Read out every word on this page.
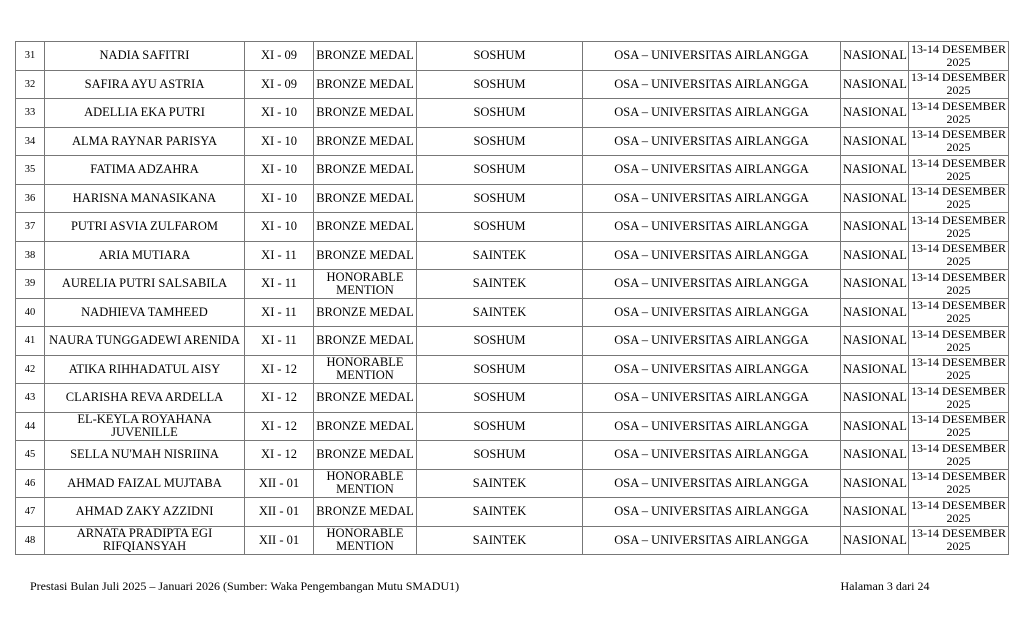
31	NADIA SAFITRI	XI - 09	BRONZE MEDAL	SOSHUM	OSA – UNIVERSITAS AIRLANGGA	NASIONAL	13-14 DESEMBER 2025
32	SAFIRA AYU ASTRIA	XI - 09	BRONZE MEDAL	SOSHUM	OSA – UNIVERSITAS AIRLANGGA	NASIONAL	13-14 DESEMBER 2025
33	ADELLIA EKA PUTRI	XI - 10	BRONZE MEDAL	SOSHUM	OSA – UNIVERSITAS AIRLANGGA	NASIONAL	13-14 DESEMBER 2025
34	ALMA RAYNAR PARISYA	XI - 10	BRONZE MEDAL	SOSHUM	OSA – UNIVERSITAS AIRLANGGA	NASIONAL	13-14 DESEMBER 2025
35	FATIMA ADZAHRA	XI - 10	BRONZE MEDAL	SOSHUM	OSA – UNIVERSITAS AIRLANGGA	NASIONAL	13-14 DESEMBER 2025
36	HARISNA MANASIKANA	XI - 10	BRONZE MEDAL	SOSHUM	OSA – UNIVERSITAS AIRLANGGA	NASIONAL	13-14 DESEMBER 2025
37	PUTRI ASVIA ZULFAROM	XI - 10	BRONZE MEDAL	SOSHUM	OSA – UNIVERSITAS AIRLANGGA	NASIONAL	13-14 DESEMBER 2025
38	ARIA MUTIARA	XI - 11	BRONZE MEDAL	SAINTEK	OSA – UNIVERSITAS AIRLANGGA	NASIONAL	13-14 DESEMBER 2025
39	AURELIA PUTRI SALSABILA	XI - 11	HONORABLE MENTION	SAINTEK	OSA – UNIVERSITAS AIRLANGGA	NASIONAL	13-14 DESEMBER 2025
40	NADHIEVA TAMHEED	XI - 11	BRONZE MEDAL	SAINTEK	OSA – UNIVERSITAS AIRLANGGA	NASIONAL	13-14 DESEMBER 2025
41	NAURA TUNGGADEWI ARENIDA	XI - 11	BRONZE MEDAL	SOSHUM	OSA – UNIVERSITAS AIRLANGGA	NASIONAL	13-14 DESEMBER 2025
42	ATIKA RIHHADATUL AISY	XI - 12	HONORABLE MENTION	SOSHUM	OSA – UNIVERSITAS AIRLANGGA	NASIONAL	13-14 DESEMBER 2025
43	CLARISHA REVA ARDELLA	XI - 12	BRONZE MEDAL	SOSHUM	OSA – UNIVERSITAS AIRLANGGA	NASIONAL	13-14 DESEMBER 2025
44	EL-KEYLA ROYAHANA JUVENILLE	XI - 12	BRONZE MEDAL	SOSHUM	OSA – UNIVERSITAS AIRLANGGA	NASIONAL	13-14 DESEMBER 2025
45	SELLA NU'MAH NISRIINA	XI - 12	BRONZE MEDAL	SOSHUM	OSA – UNIVERSITAS AIRLANGGA	NASIONAL	13-14 DESEMBER 2025
46	AHMAD FAIZAL MUJTABA	XII - 01	HONORABLE MENTION	SAINTEK	OSA – UNIVERSITAS AIRLANGGA	NASIONAL	13-14 DESEMBER 2025
47	AHMAD ZAKY AZZIDNI	XII - 01	BRONZE MEDAL	SAINTEK	OSA – UNIVERSITAS AIRLANGGA	NASIONAL	13-14 DESEMBER 2025
48	ARNATA PRADIPTA EGI RIFQIANSYAH	XII - 01	HONORABLE MENTION	SAINTEK	OSA – UNIVERSITAS AIRLANGGA	NASIONAL	13-14 DESEMBER 2025
Prestasi Bulan Juli 2025 – Januari 2026 (Sumber: Waka Pengembangan Mutu SMADU1)	Halaman 3 dari 24
